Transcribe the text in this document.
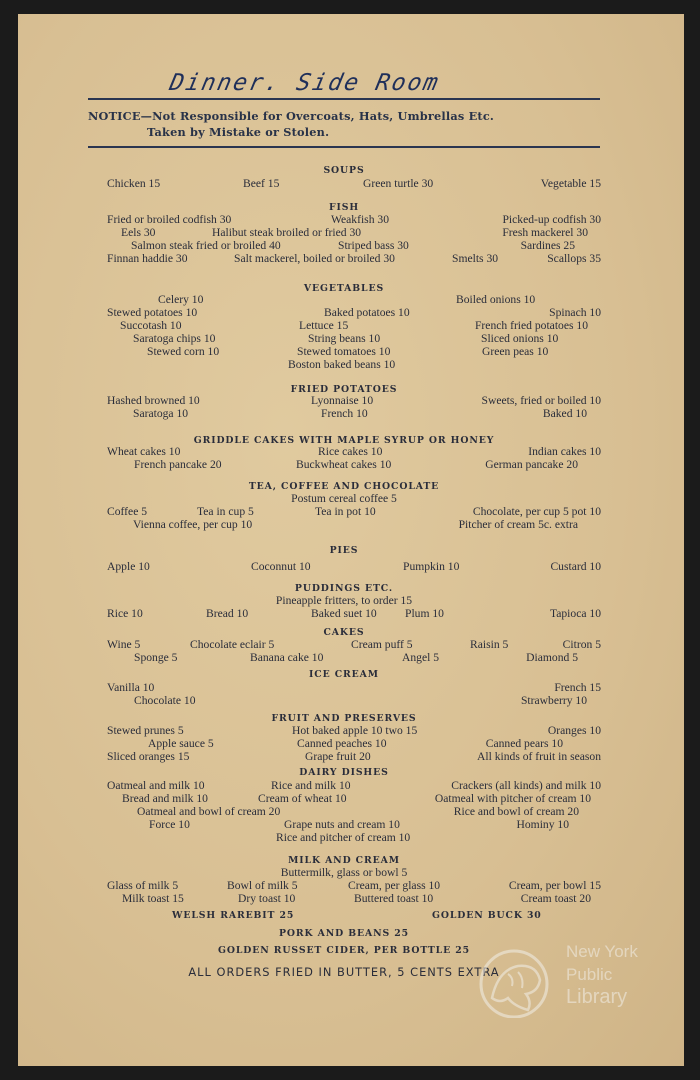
Dinner. Side Room
NOTICE—Not Responsible for Overcoats, Hats, Umbrellas Etc.
Taken by Mistake or Stolen.
SOUPS
Chicken 15	Beef 15	Green turtle 30	Vegetable 15
FISH
Fried or broiled codfish 30	Weakfish 30	Picked-up codfish 30
Eels 30	Halibut steak broiled or fried 30	Fresh mackerel 30
Salmon steak fried or broiled 40	Striped bass 30	Sardines 25
Finnan haddie 30	Salt mackerel, boiled or broiled 30	Smelts 30	Scallops 35
VEGETABLES
Celery 10	Boiled onions 10
Stewed potatoes 10	Baked potatoes 10	Spinach 10
Succotash 10	Lettuce 15	French fried potatoes 10
Saratoga chips 10	String beans 10	Sliced onions 10
Stewed corn 10	Stewed tomatoes 10	Green peas 10
Boston baked beans 10
FRIED POTATOES
Hashed browned 10	Lyonnaise 10	Sweets, fried or boiled 10
Saratoga 10	French 10	Baked 10
GRIDDLE CAKES WITH MAPLE SYRUP OR HONEY
Wheat cakes 10	Rice cakes 10	Indian cakes 10
French pancake 20	Buckwheat cakes 10	German pancake 20
TEA, COFFEE AND CHOCOLATE
Postum cereal coffee 5
Coffee 5	Tea in cup 5	Tea in pot 10	Chocolate, per cup 5 pot 10
Vienna coffee, per cup 10	Pitcher of cream 5c. extra
PIES
Apple 10	Coconnut 10	Pumpkin 10	Custard 10
PUDDINGS ETC.
Pineapple fritters, to order 15
Rice 10	Bread 10	Baked suet 10 Plum 10	Tapioca 10
CAKES
Wine 5	Chocolate eclair 5	Cream puff 5	Raisin 5	Citron 5
Sponge 5	Banana cake 10	Angel 5	Diamond 5
ICE CREAM
Vanilla 10	French 15
Chocolate 10	Strawberry 10
FRUIT AND PRESERVES
Stewed prunes 5	Hot baked apple 10 two 15	Oranges 10
Apple sauce 5	Canned peaches 10	Canned pears 10
Sliced oranges 15	Grape fruit 20	All kinds of fruit in season
DAIRY DISHES
Oatmeal and milk 10	Rice and milk 10	Crackers (all kinds) and milk 10
Bread and milk 10	Cream of wheat 10	Oatmeal with pitcher of cream 10
Oatmeal and bowl of cream 20	Rice and bowl of cream 20
Force 10	Grape nuts and cream 10	Hominy 10
Rice and pitcher of cream 10
MILK AND CREAM
Buttermilk, glass or bowl 5
Glass of milk 5	Bowl of milk 5	Cream, per glass 10	Cream, per bowl 15
Milk toast 15	Dry toast 10	Buttered toast 10	Cream toast 20
WELSH RAREBIT 25	GOLDEN BUCK 30
PORK AND BEANS 25
GOLDEN RUSSET CIDER, PER BOTTLE 25
ALL ORDERS FRIED IN BUTTER, 5 CENTS EXTRA
New York
Public
Library
